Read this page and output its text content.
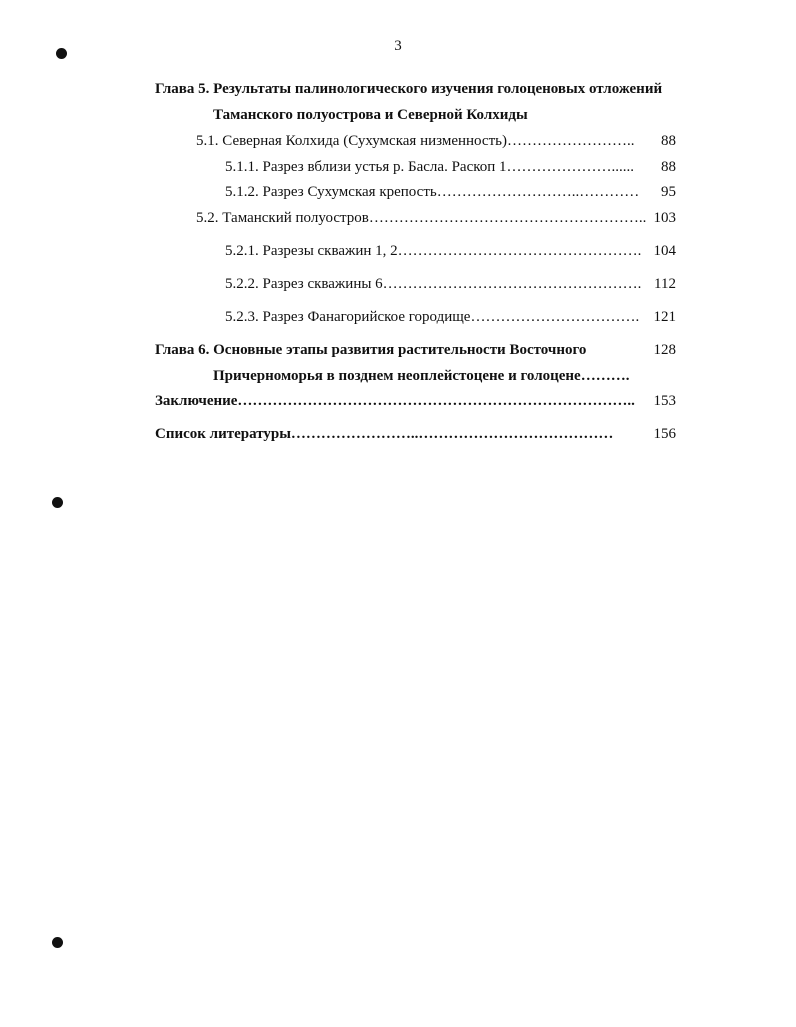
3
Глава 5. Результаты палинологического изучения голоценовых отложений
Таманского полуострова и Северной Колхиды
5.1. Северная Колхида (Сухумская низменность)……………………..	88
5.1.1. Разрез вблизи устья р. Басла. Раскоп 1…………………......	88
5.1.2. Разрез Сухумская крепость………………………..…………	95
5.2. Таманский полуостров……………………………………………….. 103
5.2.1. Разрезы скважин 1, 2…………………………………………. 104
5.2.2. Разрез скважины 6……………………………………………. 112
5.2.3. Разрез Фанагорийское городище……………………………. 121
Глава 6. Основные этапы развития растительности Восточного	128
Причерноморья в позднем неоплейстоцене и голоцене……….
Заключение……………………………………………………………………..	153
Список литературы……………………..…………………………………	156
